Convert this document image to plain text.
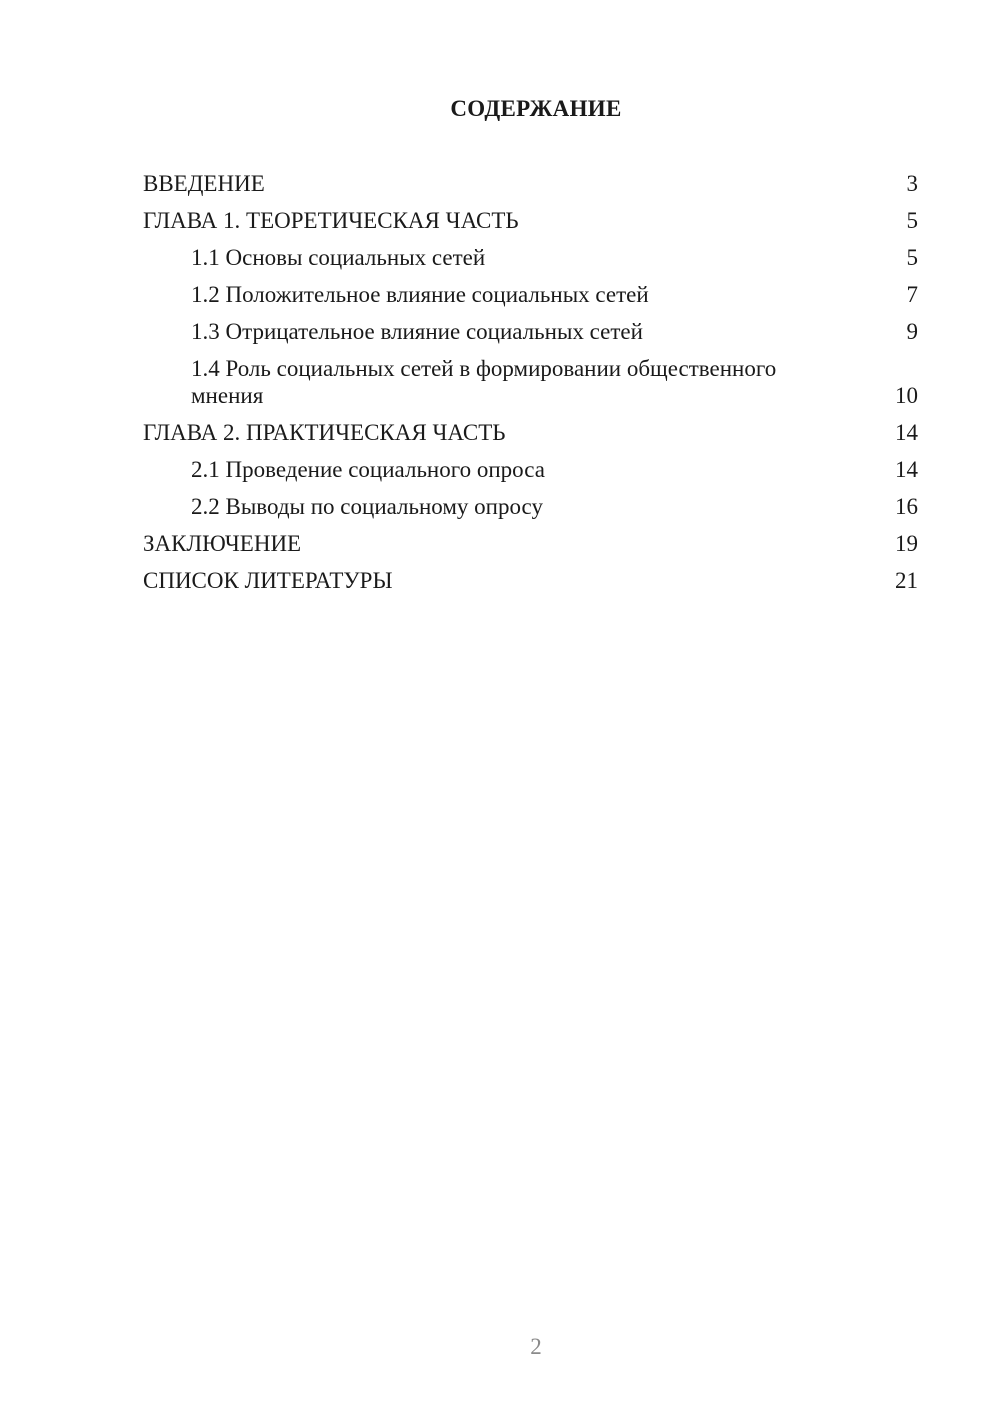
СОДЕРЖАНИЕ
ВВЕДЕНИЕ	3
ГЛАВА 1. ТЕОРЕТИЧЕСКАЯ ЧАСТЬ	5
1.1 Основы социальных сетей	5
1.2 Положительное влияние социальных сетей	7
1.3 Отрицательное влияние социальных сетей	9
1.4 Роль социальных сетей в формировании общественного мнения	10
ГЛАВА 2. ПРАКТИЧЕСКАЯ ЧАСТЬ	14
2.1 Проведение социального опроса	14
2.2 Выводы по социальному опросу	16
ЗАКЛЮЧЕНИЕ	19
СПИСОК ЛИТЕРАТУРЫ	21
2
